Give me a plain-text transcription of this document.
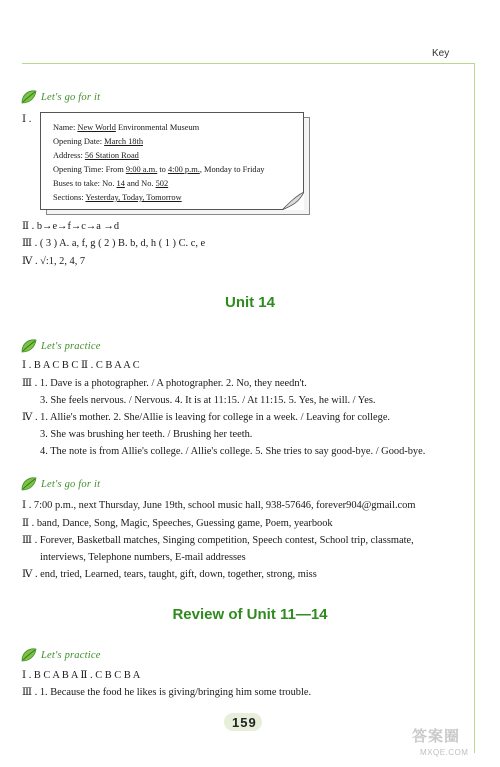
Key
Let's go for it
Ⅰ .
Name: New World Environmental Museum
Opening Date: March 18th
Address: 56 Station Road
Opening Time: From 9:00 a.m. to 4:00 p.m., Monday to Friday
Buses to take: No. 14 and No. 502
Sections: Yesterday, Today, Tomorrow
Ⅱ . b→e→f→c→a →d
Ⅲ . ( 3 ) A. a, f, g ( 2 ) B. b, d, h ( 1 ) C. c, e
Ⅳ . √:1, 2, 4, 7
Unit 14
Let's practice
Ⅰ . B A C B C Ⅱ . C B A A C
Ⅲ . 1. Dave is a photographer. / A photographer. 2. No, they needn't.
3. She feels nervous. / Nervous. 4. It is at 11:15. / At 11:15. 5. Yes, he will. / Yes.
Ⅳ . 1. Allie's mother. 2. She/Allie is leaving for college in a week. / Leaving for college.
3. She was brushing her teeth. / Brushing her teeth.
4. The note is from Allie's college. / Allie's college. 5. She tries to say good-bye. / Good-bye.
Let's go for it
Ⅰ . 7:00 p.m., next Thursday, June 19th, school music hall, 938-57646, forever904@gmail.com
Ⅱ . band, Dance, Song, Magic, Speeches, Guessing game, Poem, yearbook
Ⅲ . Forever, Basketball matches, Singing competition, Speech contest, School trip, classmate,
interviews, Telephone numbers, E-mail addresses
Ⅳ . end, tried, Learned, tears, taught, gift, down, together, strong, miss
Review of Unit 11—14
Let's practice
Ⅰ . B C A B A Ⅱ . C B C B A
Ⅲ . 1. Because the food he likes is giving/bringing him some trouble.
159
答案圈
MXQE.COM
